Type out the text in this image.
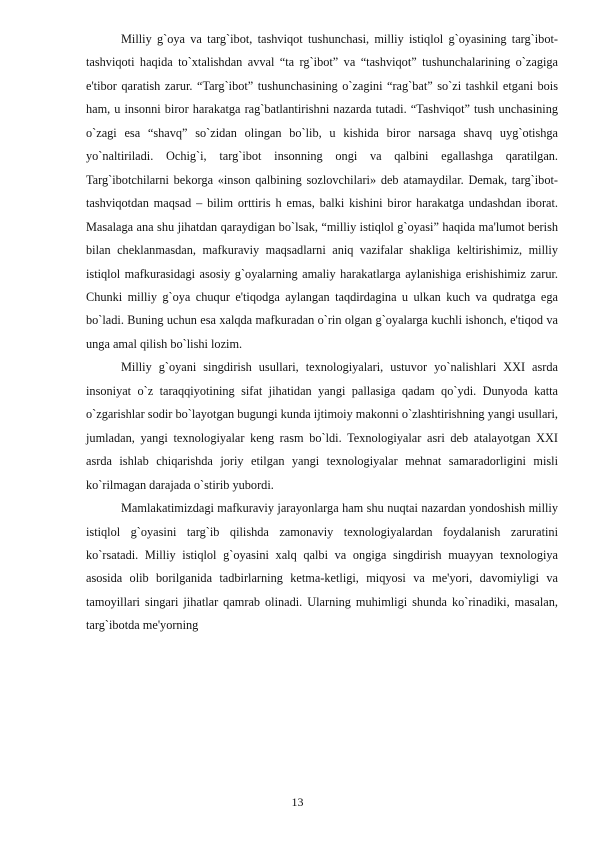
Milliy g`oya va targ`ibot, tashviqot tushunchasi, milliy istiqlol g`oyasining targ`ibot-tashviqoti haqida to`xtalishdan avval “ta rg`ibot” va “tashviqot” tushunchalarining o`zagiga e'tibor qaratish zarur. “Targ`ibot” tushunchasining o`zagini “rag`bat” so`zi tashkil etgani bois ham, u insonni biror harakatga rag`batlantirishni nazarda tutadi. “Tashviqot” tush unchasining o`zagi esa “shavq” so`zidan olingan bo`lib, u kishida biror narsaga shavq uyg`otishga yo`naltiriladi. Ochig`i, targ`ibot insonning ongi va qalbini egallashga qaratilgan. Targ`ibotchilarni bekorga «inson qalbining sozlovchilari» deb atamaydilar. Demak, targ`ibot-tashviqotdan maqsad – bilim orttiris h emas, balki kishini biror harakatga undashdan iborat. Masalaga ana shu jihatdan qaraydigan bo`lsak, “milliy istiqlol g`oyasi” haqida ma'lumot berish bilan cheklanmasdan, mafkuraviy maqsadlarni aniq vazifalar shakliga keltirishimiz, milliy istiqlol mafkurasidagi asosiy g`oyalarning amaliy harakatlarga aylanishiga erishishimiz zarur. Chunki milliy g`oya chuqur e'tiqodga aylangan taqdirdagina u ulkan kuch va qudratga ega bo`ladi. Buning uchun esa xalqda mafkuradan o`rin olgan g`oyalarga kuchli ishonch, e'tiqod va unga amal qilish bo`lishi lozim.

Milliy g`oyani singdirish usullari, texnologiyalari, ustuvor yo`nalishlari XXI asrda insoniyat o`z taraqqiyotining sifat jihatidan yangi pallasiga qadam qo`ydi. Dunyoda katta o`zgarishlar sodir bo`layotgan bugungi kunda ijtimoiy makonni o`zlashtirishning yangi usullari, jumladan, yangi texnologiyalar keng rasm bo`ldi. Texnologiyalar asri deb atalayotgan XXI asrda ishlab chiqarishda joriy etilgan yangi texnologiyalar mehnat samaradorligini misli ko`rilmagan darajada o`stirib yubordi.

Mamlakatimizdagi mafkuraviy jarayonlarga ham shu nuqtai nazardan yondoshish milliy istiqlol g`oyasini targ`ib qilishda zamonaviy texnologiyalardan foydalanish zaruratini ko`rsatadi. Milliy istiqlol g`oyasini xalq qalbi va ongiga singdirish muayyan texnologiya asosida olib borilganida tadbirlarning ketma-ketligi, miqyosi va me'yori, davomiyligi va tamoyillari singari jihatlar qamrab olinadi. Ularning muhimligi shunda ko`rinadiki, masalan, targ`ibotda me'yorning

13
